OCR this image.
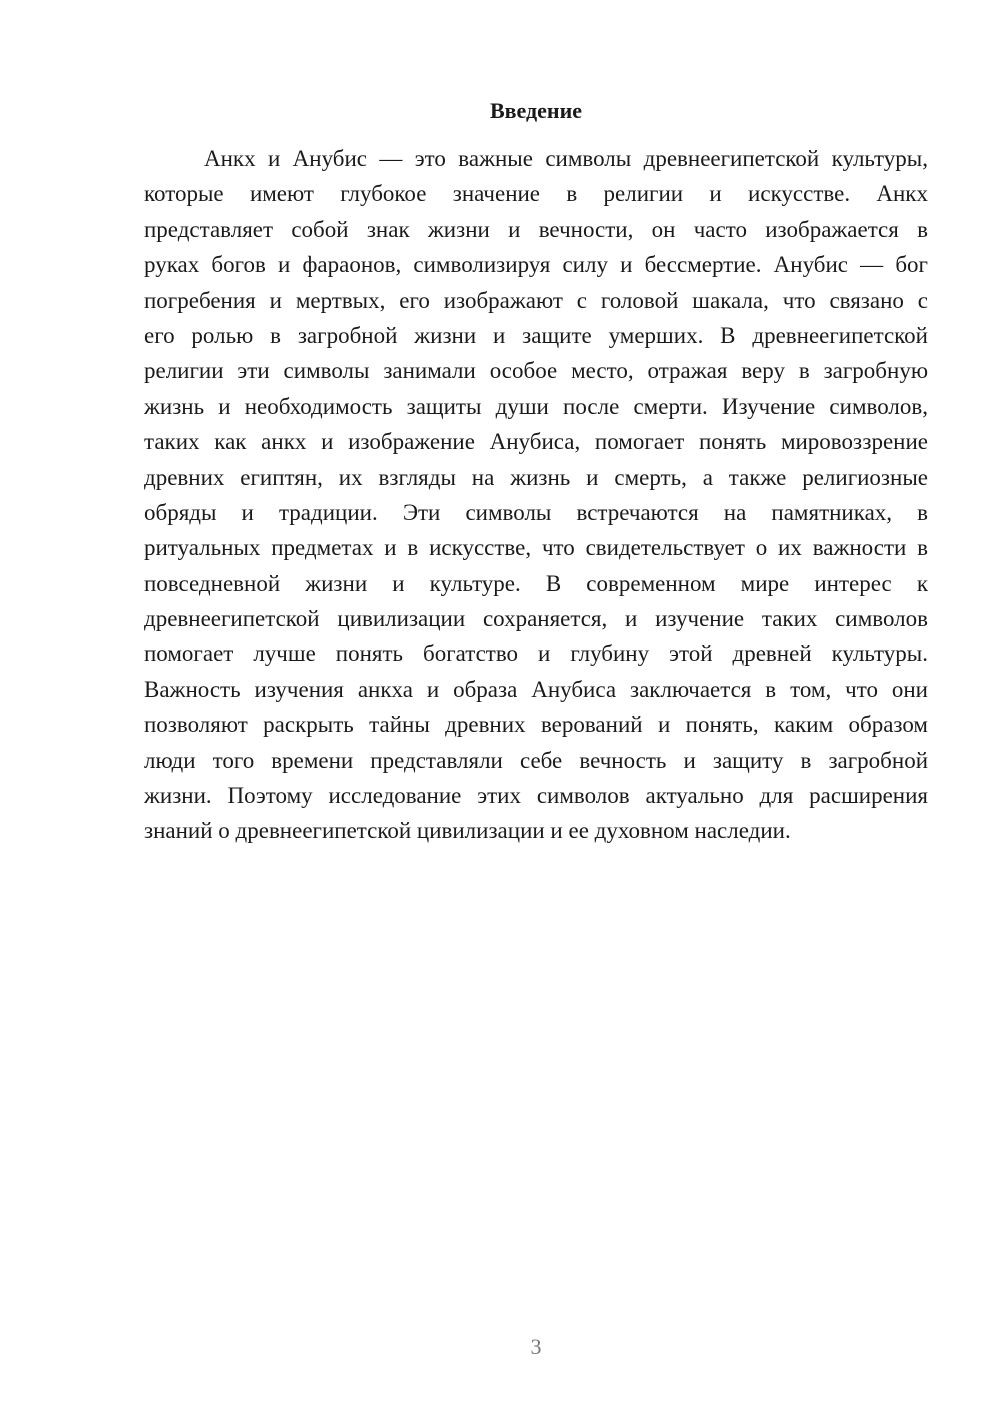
Введение
Анкх и Анубис — это важные символы древнеегипетской культуры,
которые имеют глубокое значение в религии и искусстве. Анкх
представляет собой знак жизни и вечности, он часто изображается в
руках богов и фараонов, символизируя силу и бессмертие. Анубис — бог
погребения и мертвых, его изображают с головой шакала, что связано с
его ролью в загробной жизни и защите умерших. В древнеегипетской
религии эти символы занимали особое место, отражая веру в загробную
жизнь и необходимость защиты души после смерти. Изучение символов,
таких как анкх и изображение Анубиса, помогает понять мировоззрение
древних египтян, их взгляды на жизнь и смерть, а также религиозные
обряды и традиции. Эти символы встречаются на памятниках, в
ритуальных предметах и в искусстве, что свидетельствует о их важности в
повседневной жизни и культуре. В современном мире интерес к
древнеегипетской цивилизации сохраняется, и изучение таких символов
помогает лучше понять богатство и глубину этой древней культуры.
Важность изучения анкха и образа Анубиса заключается в том, что они
позволяют раскрыть тайны древних верований и понять, каким образом
люди того времени представляли себе вечность и защиту в загробной
жизни. Поэтому исследование этих символов актуально для расширения
знаний о древнеегипетской цивилизации и ее духовном наследии.
3
